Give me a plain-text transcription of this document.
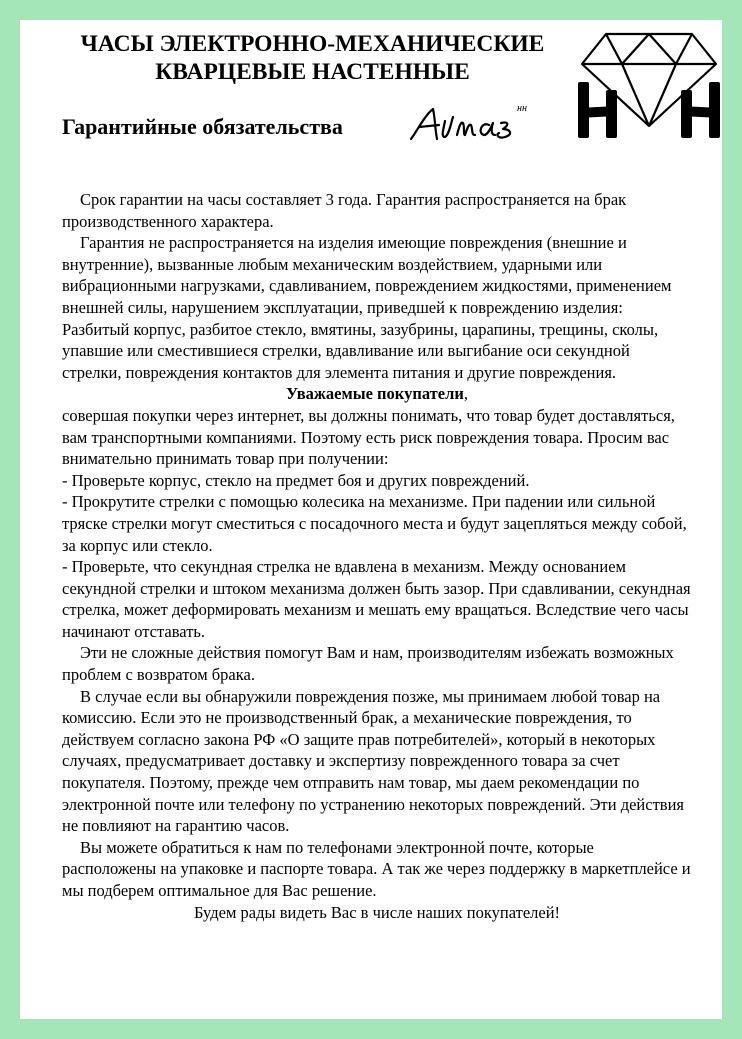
ЧАСЫ ЭЛЕКТРОННО-МЕХАНИЧЕСКИЕ
КВАРЦЕВЫЕ НАСТЕННЫЕ
Гарантийные обязательства
нн

Срок гарантии на часы составляет 3 года. Гарантия распространяется на брак производственного характера.

Гарантия не распространяется на изделия имеющие повреждения (внешние и внутренние), вызванные любым механическим воздействием, ударными или вибрационными нагрузками, сдавливанием, повреждением жидкостями, применением внешней силы, нарушением эксплуатации, приведшей к повреждению изделия:

Разбитый корпус, разбитое стекло, вмятины, зазубрины, царапины, трещины, сколы, упавшие или сместившиеся стрелки, вдавливание или выгибание оси секундной стрелки, повреждения контактов для элемента питания и другие повреждения.

Уважаемые покупатели,

совершая покупки через интернет, вы должны понимать, что товар будет доставляться, вам транспортными компаниями. Поэтому есть риск повреждения товара. Просим вас внимательно принимать товар при получении:

- Проверьте корпус, стекло на предмет боя и других повреждений.

- Прокрутите стрелки с помощью колесика на механизме. При падении или сильной тряске стрелки могут сместиться с посадочного места и будут зацепляться между собой, за корпус или стекло.

- Проверьте, что секундная стрелка не вдавлена в механизм. Между основанием секундной стрелки и штоком механизма должен быть зазор. При сдавливании, секундная стрелка, может деформировать механизм и мешать ему вращаться. Вследствие чего часы начинают отставать.

Эти не сложные действия помогут Вам и нам, производителям избежать возможных проблем с возвратом брака.

В случае если вы обнаружили повреждения позже, мы принимаем любой товар на комиссию. Если это не производственный брак, а механические повреждения, то действуем согласно закона РФ «О защите прав потребителей», который в некоторых случаях, предусматривает доставку и экспертизу поврежденного товара за счет покупателя. Поэтому, прежде чем отправить нам товар, мы даем рекомендации по электронной почте или телефону по устранению некоторых повреждений. Эти действия не повлияют на гарантию часов.

Вы можете обратиться к нам по телефонами электронной почте, которые расположены на упаковке и паспорте товара. А так же через поддержку в маркетплейсе и мы подберем оптимальное для Вас решение.

Будем рады видеть Вас в числе наших покупателей!
